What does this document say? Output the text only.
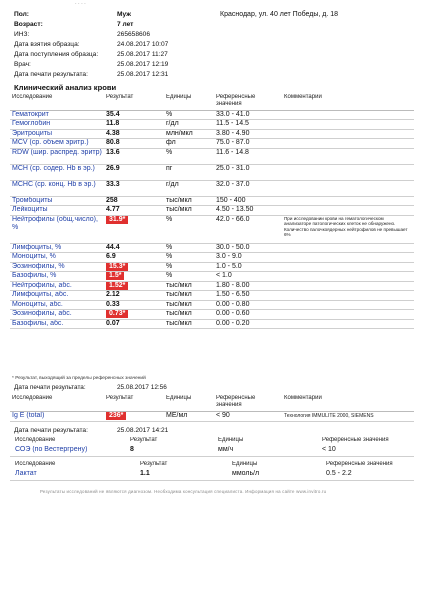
· · · ·
Пол:	Муж
Возраст:	7 лет
ИНЗ:	265658606
Дата взятия образца:	24.08.2017 10:07
Дата поступления образца:	25.08.2017 11:27
Врач:	25.08.2017 12:19
Дата печати результата:	25.08.2017 12:31
Краснодар, ул. 40 лет Победы, д. 18
Клинический анализ крови
Исследование	Результат	Единицы	Референсные значения	Комментарий
Гематокрит	35.4	%	33.0 - 41.0	
Гемоглобин	11.8	г/дл	11.5 - 14.5	
Эритроциты	4.38	млн/мкл	3.80 - 4.90	
MCV (ср. объем эритр.)	80.8	фл	75.0 - 87.0	
RDW (шир. распред. эритр)	13.6	%	11.6 - 14.8	
MCH (ср. содер. Hb в эр.)	26.9	пг	25.0 - 31.0	
MCHC (ср. конц. Hb в эр.)	33.3	г/дл	32.0 - 37.0	
Тромбоциты	258	тыс/мкл	150 - 400	
Лейкоциты	4.77	тыс/мкл	4.50 - 13.50	
Нейтрофилы (общ.число), %	31.9*	%	42.0 - 66.0	При исследовании крови на гематологическом анализаторе патологических клеток не обнаружено. Количество палочкоядерных нейтрофилов не превышает 6%
Лимфоциты, %	44.4	%	30.0 - 50.0	
Моноциты, %	6.9	%	3.0 - 9.0	
Эозинофилы, %	15.3*	%	1.0 - 5.0	
Базофилы, %	1.5*	%	< 1.0	
Нейтрофилы, абс.	1.52*	тыс/мкл	1.80 - 8.00	
Лимфоциты, абс.	2.12	тыс/мкл	1.50 - 6.50	
Моноциты, абс.	0.33	тыс/мкл	0.00 - 0.80	
Эозинофилы, абс.	0.73*	тыс/мкл	0.00 - 0.60	
Базофилы, абс.	0.07	тыс/мкл	0.00 - 0.20	
* Результат, выходящий за пределы референсных значений
Дата печати результата:	25.08.2017 12:56
Исследование	Результат	Единицы	Референсные значения	Комментарий
Ig E (total)	236*	МЕ/мл	< 90	Технология IMMULITE 2000, SIEMENS
Дата печати результата:	25.08.2017 14:21
Исследование	Результат	Единицы	Референсные значения
СОЭ (по Вестергрену)	8	мм/ч	< 10
Исследование	Результат	Единицы	Референсные значения
Лактат	1.1	ммоль/л	0.5 - 2.2
Результаты исследований не являются диагнозом. Необходима консультация специалиста. Информация на сайте www.invitro.ru
